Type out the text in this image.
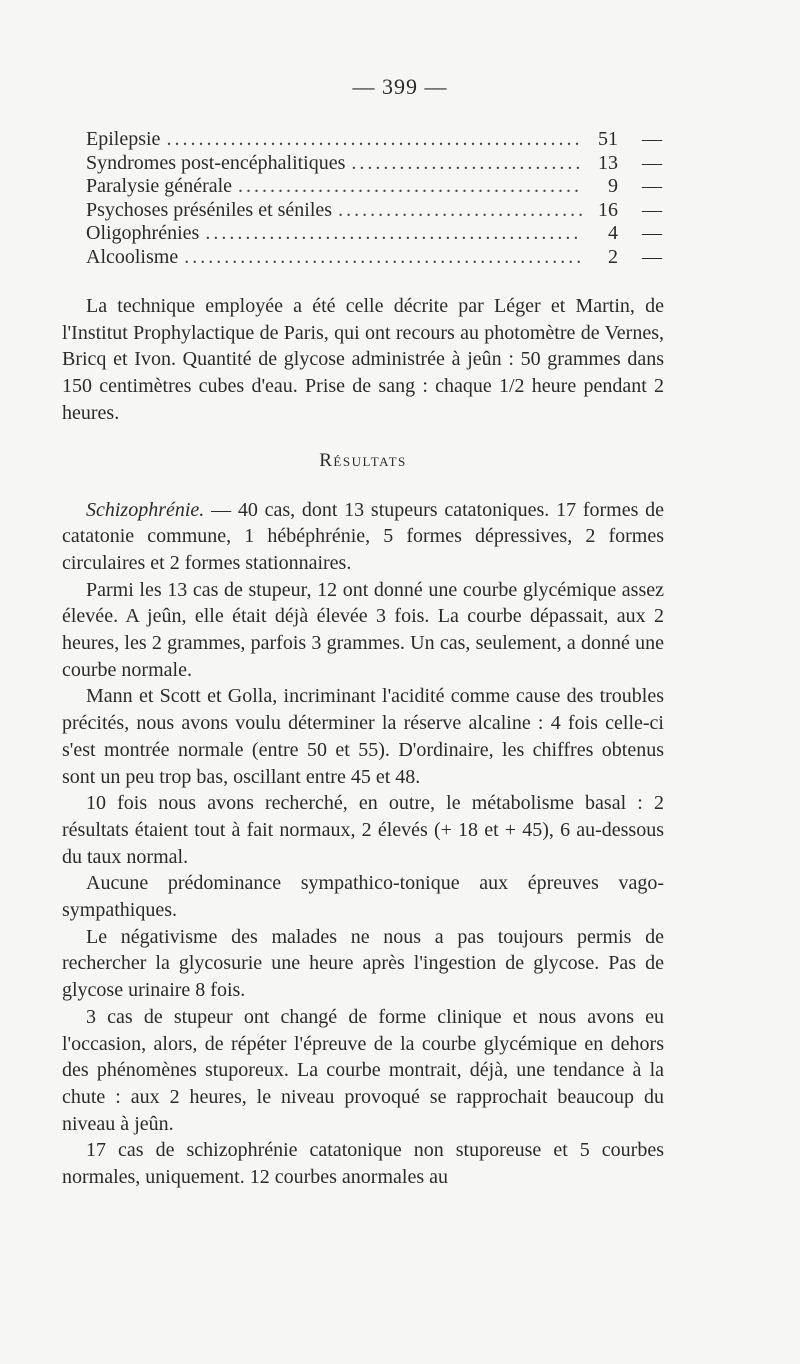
— 399 —
Epilepsie .....	51	—
Syndromes post-encéphalitiques .....	13	—
Paralysie générale .....	9	—
Psychoses préséniles et séniles .....	16	—
Oligophrénies .....	4	—
Alcoolisme .....	2	—

La technique employée a été celle décrite par Léger et Martin, de l'Institut Prophylactique de Paris, qui ont recours au photomètre de Vernes, Bricq et Ivon. Quantité de glycose administrée à jeûn : 50 grammes dans 150 centimètres cubes d'eau. Prise de sang : chaque 1/2 heure pendant 2 heures.

Résultats

Schizophrénie. — 40 cas, dont 13 stupeurs catatoniques. 17 formes de catatonie commune, 1 hébéphrénie, 5 formes dépressives, 2 formes circulaires et 2 formes stationnaires.

Parmi les 13 cas de stupeur, 12 ont donné une courbe glycémique assez élevée. A jeûn, elle était déjà élevée 3 fois. La courbe dépassait, aux 2 heures, les 2 grammes, parfois 3 grammes. Un cas, seulement, a donné une courbe normale.

Mann et Scott et Golla, incriminant l'acidité comme cause des troubles précités, nous avons voulu déterminer la réserve alcaline : 4 fois celle-ci s'est montrée normale (entre 50 et 55). D'ordinaire, les chiffres obtenus sont un peu trop bas, oscillant entre 45 et 48.

10 fois nous avons recherché, en outre, le métabolisme basal : 2 résultats étaient tout à fait normaux, 2 élevés (+ 18 et + 45), 6 au-dessous du taux normal.

Aucune prédominance sympathico-tonique aux épreuves vago-sympathiques.

Le négativisme des malades ne nous a pas toujours permis de rechercher la glycosurie une heure après l'ingestion de glycose. Pas de glycose urinaire 8 fois.

3 cas de stupeur ont changé de forme clinique et nous avons eu l'occasion, alors, de répéter l'épreuve de la courbe glycémique en dehors des phénomènes stuporeux. La courbe montrait, déjà, une tendance à la chute : aux 2 heures, le niveau provoqué se rapprochait beaucoup du niveau à jeûn.

17 cas de schizophrénie catatonique non stuporeuse et 5 courbes normales, uniquement. 12 courbes anormales au
